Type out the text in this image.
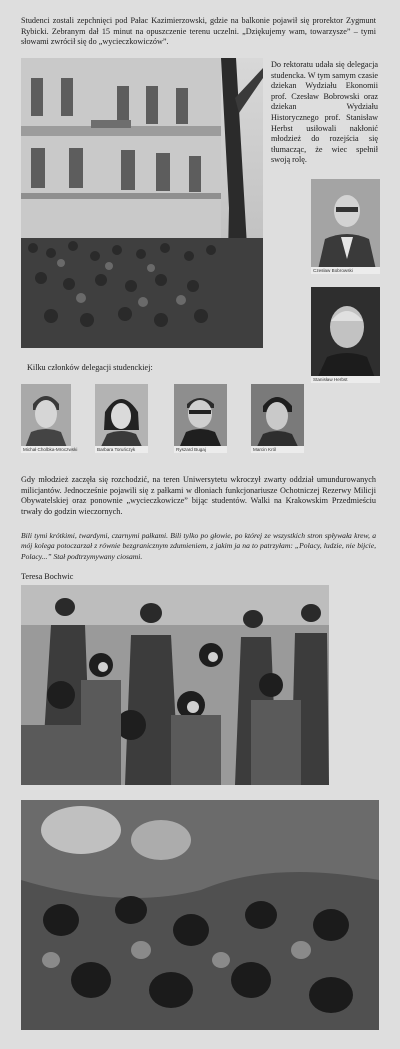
Studenci zostali zepchnięci pod Pałac Kazimierzowski, gdzie na balkonie pojawił się prorektor Zygmunt Rybicki. Zebranym dał 15 minut na opuszczenie terenu uczelni. „Dziękujemy wam, towarzysze” – tymi słowami zwrócił się do „wycieczkowiczów”.
Do rektoratu udała się delegacja studencka. W tym samym czasie dziekan Wydziału Ekonomii prof. Czesław Bobrowski oraz dziekan Wydziału Historycznego prof. Stanisław Herbst usiłowali nakłonić młodzież do rozejścia się tłumacząc, że wiec spełnił swoją rolę.
Czesław Bobrowski
Stanisław Herbst
Kilku członków delegacji studenckiej:
Michał Cholbka-Mroczwski	Barbara Toruńczyk	Ryszard Bugaj	Marcin Król
Gdy młodzież zaczęła się rozchodzić, na teren Uniwersytetu wkroczył zwarty oddział umundurowanych milicjantów. Jednocześnie pojawili się z pałkami w dłoniach funkcjonariusze Ochotniczej Rezerwy Milicji Obywatelskiej oraz ponownie „wycieczkowicze” bijąc studentów. Walki na Krakowskim Przedmieściu trwały do godzin wieczornych.
Bili tymi krótkimi, twardymi, czarnymi pałkami. Bili tylko po głowie, po której ze wszystkich stron spływała krew, a mój kolega potoczarzał z równie bezgranicznym zdumieniem, z jakim ja na to patrzyłam: „Polacy, ludzie, nie bijcie, Polacy...” Stał podtrzymywany ciosami.
Teresa Bochwic
